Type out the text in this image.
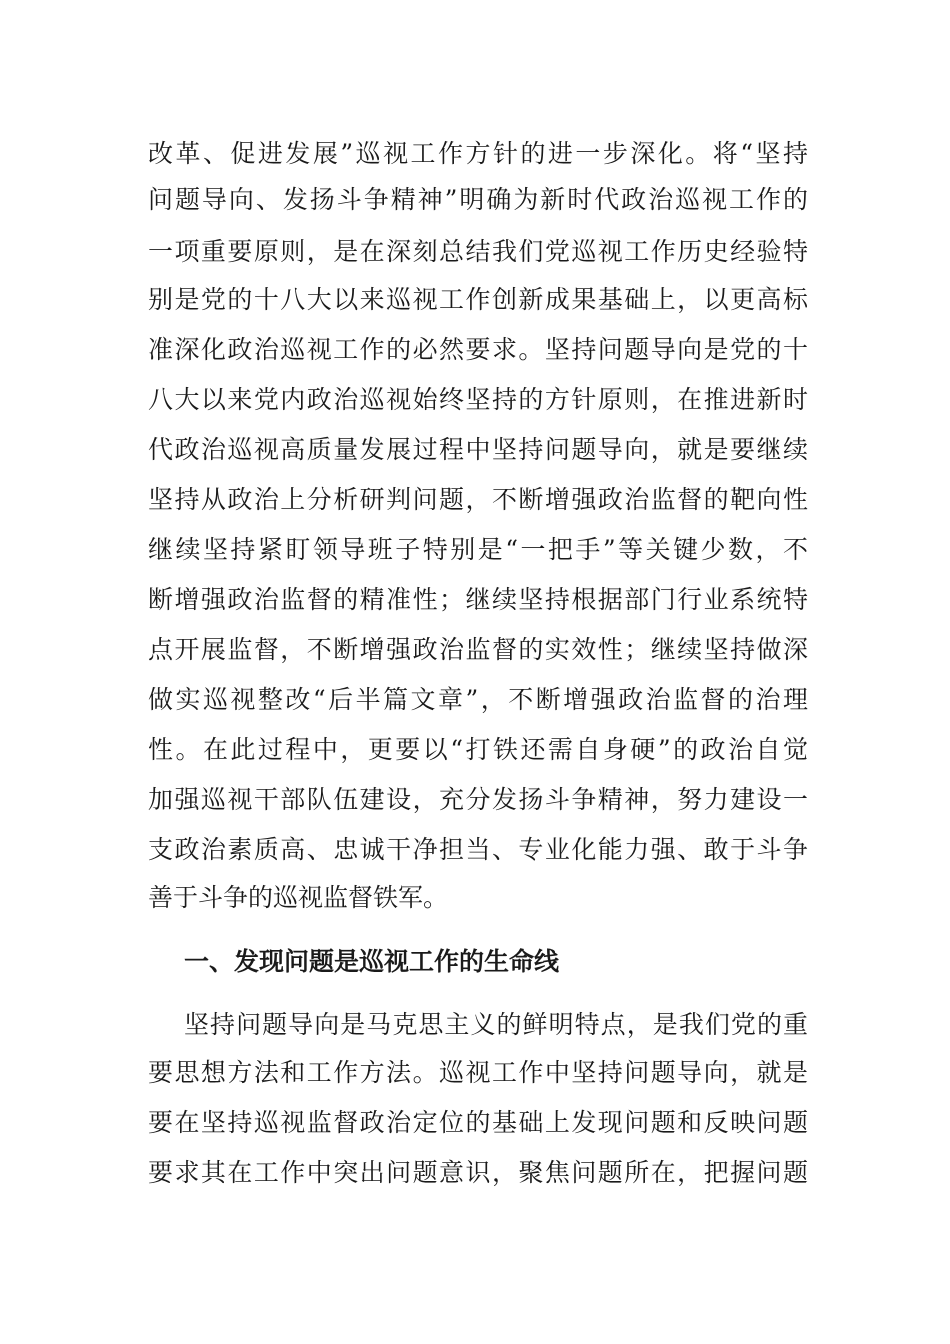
改革、促进发展”巡视工作方针的进一步深化。将“坚持
问题导向、发扬斗争精神”明确为新时代政治巡视工作的
一项重要原则，是在深刻总结我们党巡视工作历史经验特
别是党的十八大以来巡视工作创新成果基础上，以更高标
准深化政治巡视工作的必然要求。坚持问题导向是党的十
八大以来党内政治巡视始终坚持的方针原则，在推进新时
代政治巡视高质量发展过程中坚持问题导向，就是要继续
坚持从政治上分析研判问题，不断增强政治监督的靶向性
继续坚持紧盯领导班子特别是“一把手”等关键少数，不
断增强政治监督的精准性；继续坚持根据部门行业系统特
点开展监督，不断增强政治监督的实效性；继续坚持做深
做实巡视整改“后半篇文章”，不断增强政治监督的治理
性。在此过程中，更要以“打铁还需自身硬”的政治自觉
加强巡视干部队伍建设，充分发扬斗争精神，努力建设一
支政治素质高、忠诚干净担当、专业化能力强、敢于斗争
善于斗争的巡视监督铁军。
一、发现问题是巡视工作的生命线
坚持问题导向是马克思主义的鲜明特点，是我们党的重
要思想方法和工作方法。巡视工作中坚持问题导向，就是
要在坚持巡视监督政治定位的基础上发现问题和反映问题
要求其在工作中突出问题意识，聚焦问题所在，把握问题
